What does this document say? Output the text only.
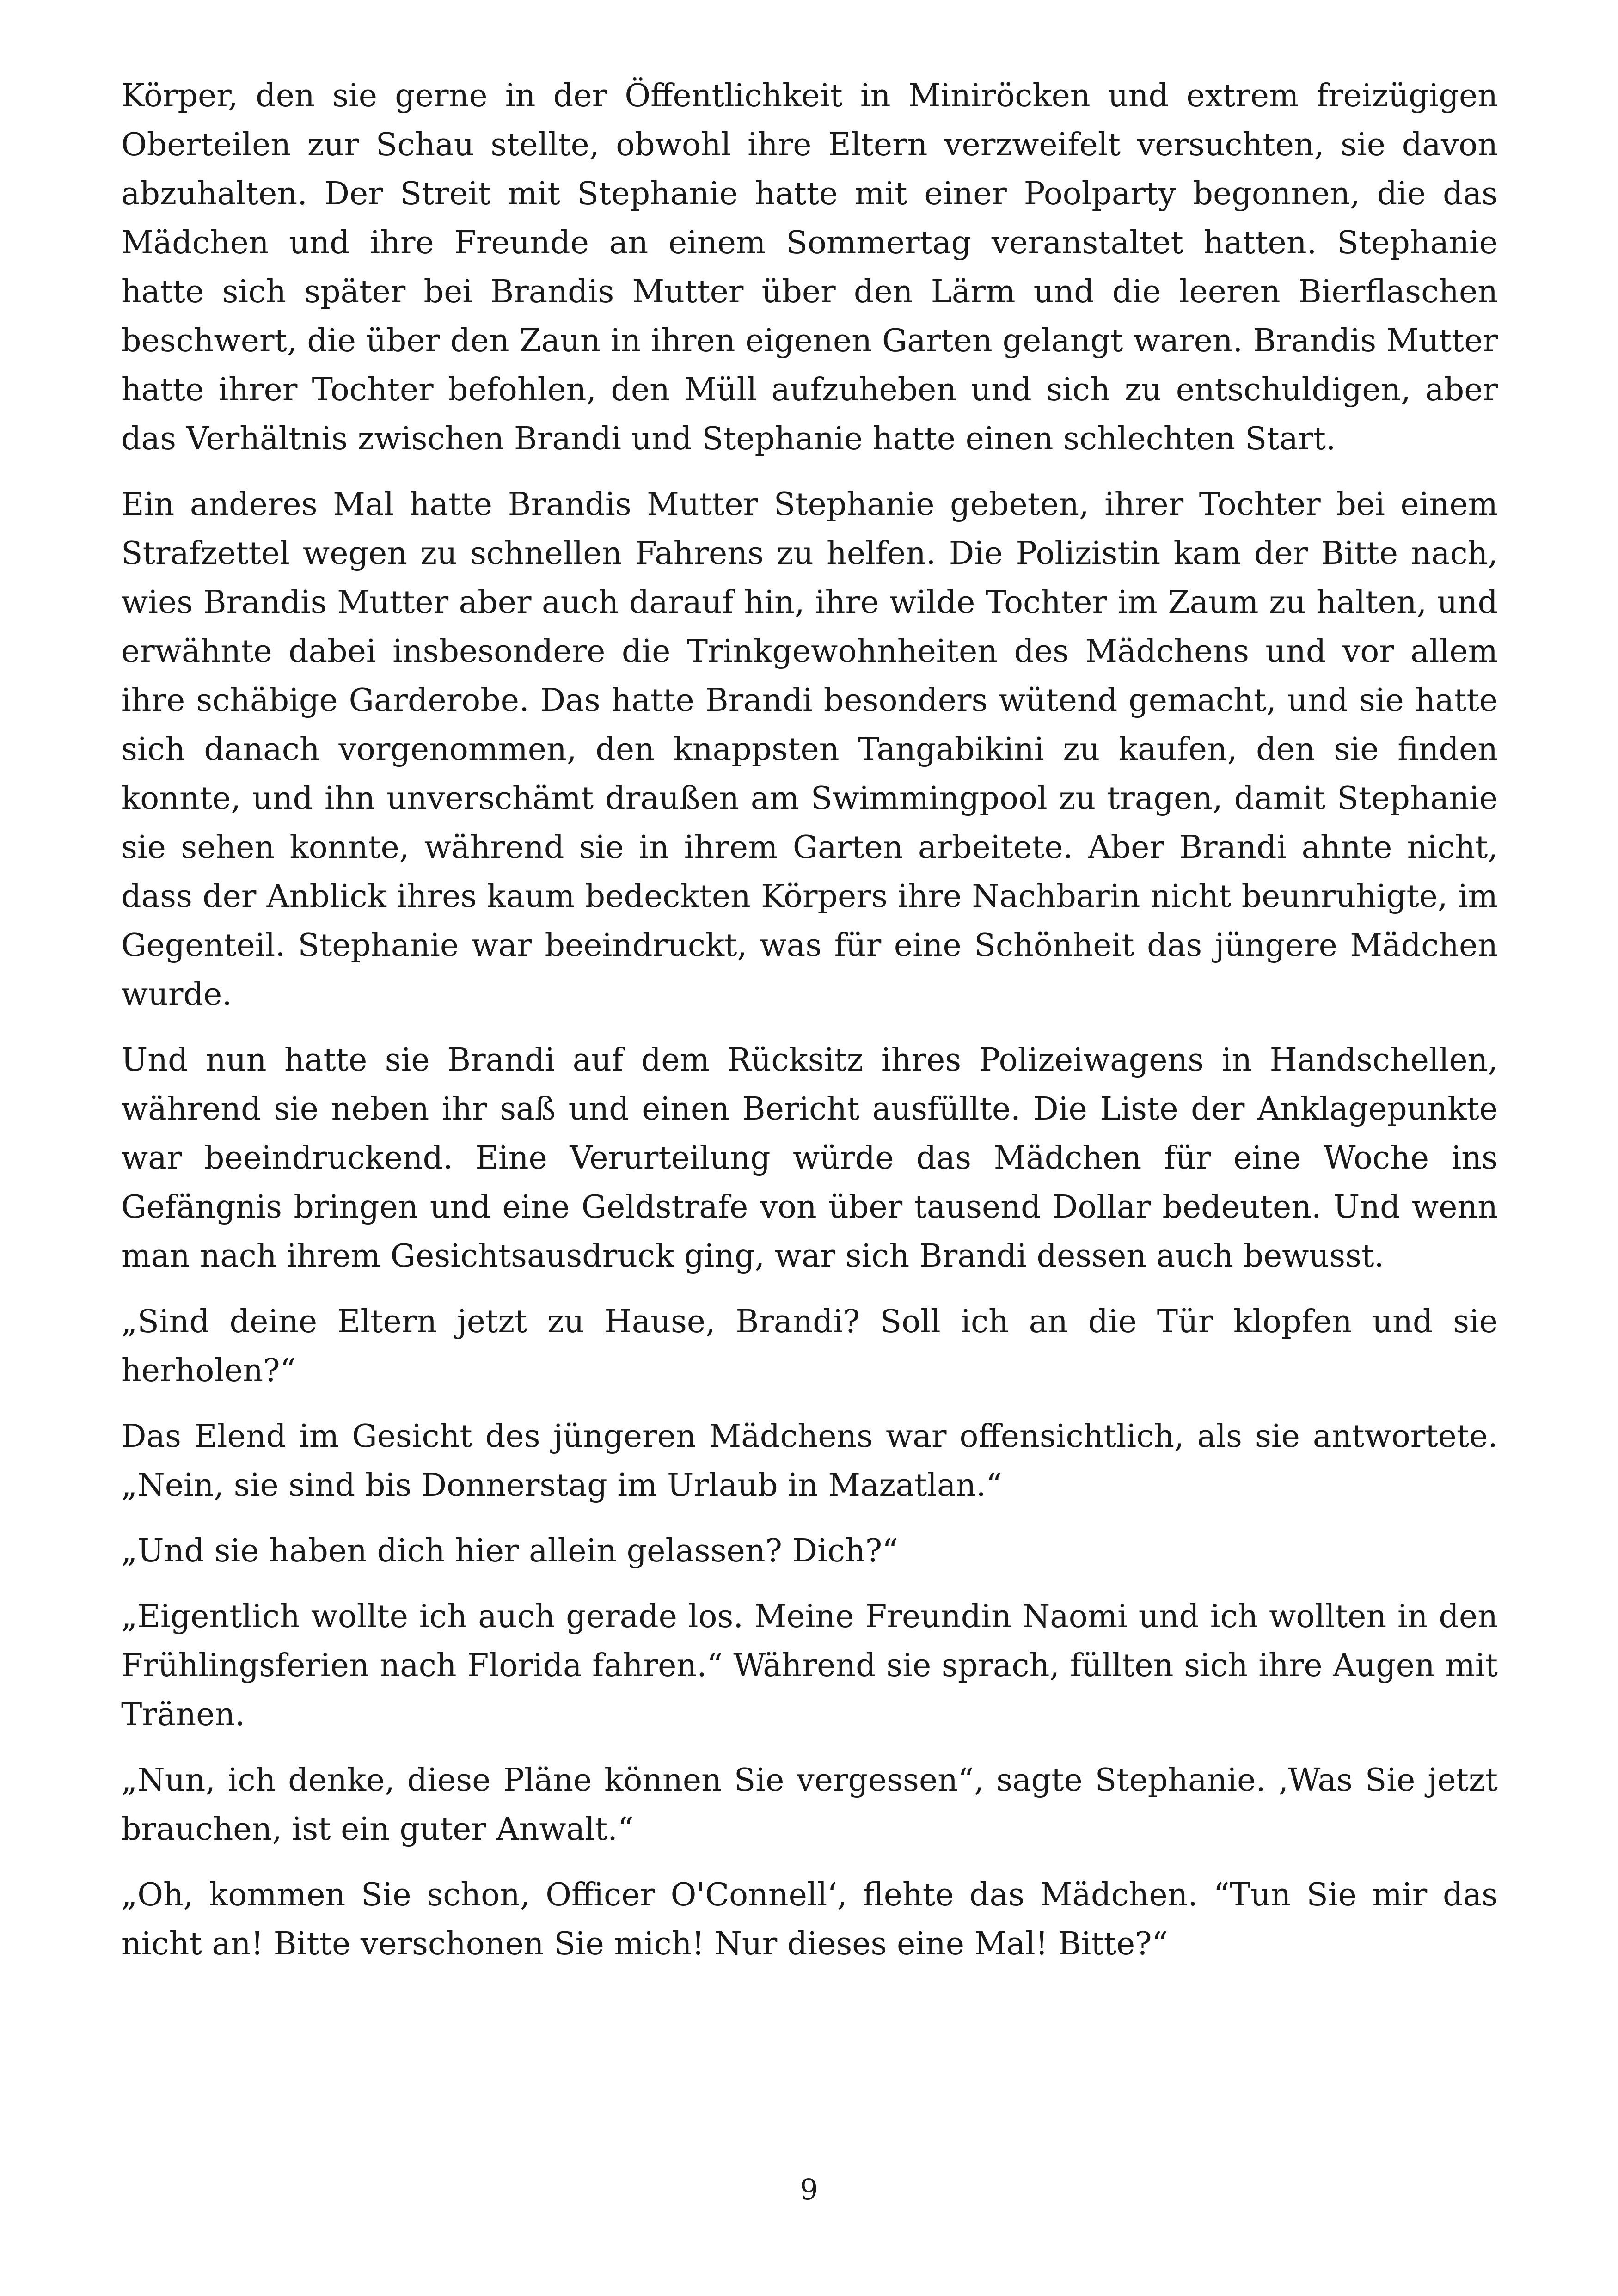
Körper, den sie gerne in der Öffentlichkeit in Miniröcken und extrem freizügigen Oberteilen zur Schau stellte, obwohl ihre Eltern verzweifelt versuchten, sie davon abzuhalten. Der Streit mit Stephanie hatte mit einer Poolparty begonnen, die das Mädchen und ihre Freunde an einem Sommertag veranstaltet hatten. Stephanie hatte sich später bei Brandis Mutter über den Lärm und die leeren Bierflaschen beschwert, die über den Zaun in ihren eigenen Garten gelangt waren. Brandis Mutter hatte ihrer Tochter befohlen, den Müll aufzuheben und sich zu entschuldigen, aber das Verhältnis zwischen Brandi und Stephanie hatte einen schlechten Start.

Ein anderes Mal hatte Brandis Mutter Stephanie gebeten, ihrer Tochter bei einem Strafzettel wegen zu schnellen Fahrens zu helfen. Die Polizistin kam der Bitte nach, wies Brandis Mutter aber auch darauf hin, ihre wilde Tochter im Zaum zu halten, und erwähnte dabei insbesondere die Trinkgewohnheiten des Mädchens und vor allem ihre schäbige Garderobe. Das hatte Brandi besonders wütend gemacht, und sie hatte sich danach vorgenommen, den knappsten Tangabikini zu kaufen, den sie finden konnte, und ihn unverschämt draußen am Swimmingpool zu tragen, damit Stephanie sie sehen konnte, während sie in ihrem Garten arbeitete. Aber Brandi ahnte nicht, dass der Anblick ihres kaum bedeckten Körpers ihre Nachbarin nicht beunruhigte, im Gegenteil. Stephanie war beeindruckt, was für eine Schönheit das jüngere Mädchen wurde.

Und nun hatte sie Brandi auf dem Rücksitz ihres Polizeiwagens in Handschellen, während sie neben ihr saß und einen Bericht ausfüllte. Die Liste der Anklagepunkte war beeindruckend. Eine Verurteilung würde das Mädchen für eine Woche ins Gefängnis bringen und eine Geldstrafe von über tausend Dollar bedeuten. Und wenn man nach ihrem Gesichtsausdruck ging, war sich Brandi dessen auch bewusst.

„Sind deine Eltern jetzt zu Hause, Brandi? Soll ich an die Tür klopfen und sie herholen?“

Das Elend im Gesicht des jüngeren Mädchens war offensichtlich, als sie antwortete. „Nein, sie sind bis Donnerstag im Urlaub in Mazatlan.“

„Und sie haben dich hier allein gelassen? Dich?“

„Eigentlich wollte ich auch gerade los. Meine Freundin Naomi und ich wollten in den Frühlingsferien nach Florida fahren.“ Während sie sprach, füllten sich ihre Augen mit Tränen.

„Nun, ich denke, diese Pläne können Sie vergessen“, sagte Stephanie. ‚Was Sie jetzt brauchen, ist ein guter Anwalt.“

„Oh, kommen Sie schon, Officer O'Connell‘, flehte das Mädchen. “Tun Sie mir das nicht an! Bitte verschonen Sie mich! Nur dieses eine Mal! Bitte?“

9
